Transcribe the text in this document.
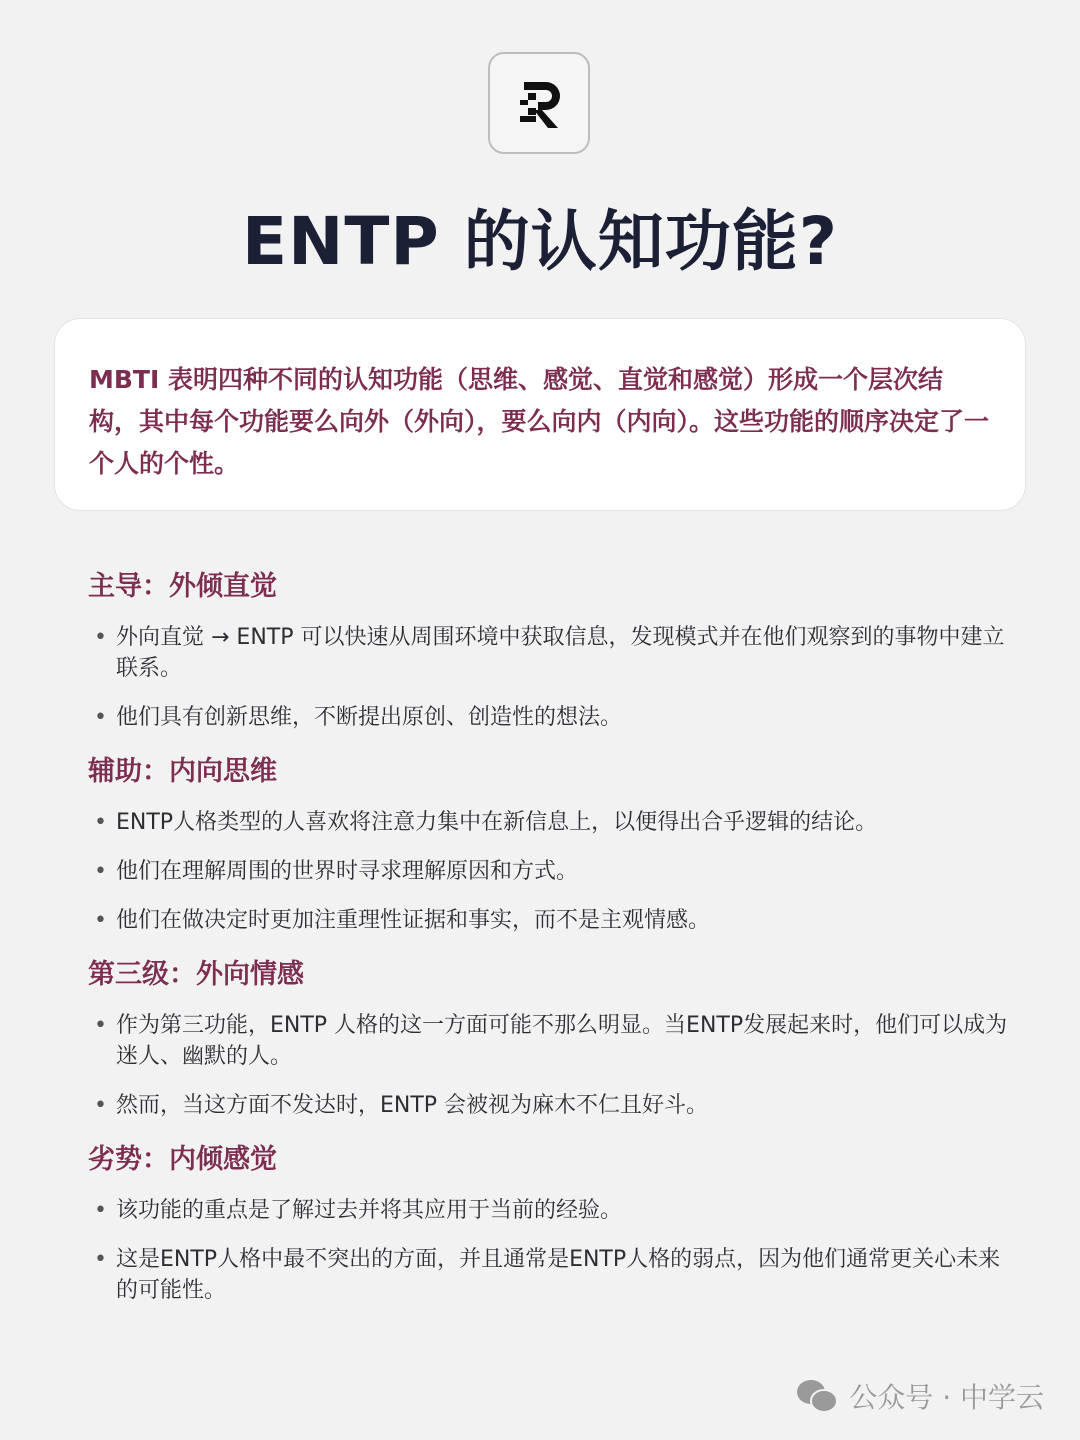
ENTP 的认知功能?

MBTI 表明四种不同的认知功能（思维、感觉、直觉和感觉）形成一个层次结构，其中每个功能要么向外（外向），要么向内（内向）。这些功能的顺序决定了一个人的个性。

主导：外倾直觉
• 外向直觉 → ENTP 可以快速从周围环境中获取信息，发现模式并在他们观察到的事物中建立联系。
• 他们具有创新思维，不断提出原创、创造性的想法。
辅助：内向思维
• ENTP人格类型的人喜欢将注意力集中在新信息上，以便得出合乎逻辑的结论。
• 他们在理解周围的世界时寻求理解原因和方式。
• 他们在做决定时更加注重理性证据和事实，而不是主观情感。
第三级：外向情感
• 作为第三功能，ENTP 人格的这一方面可能不那么明显。当ENTP发展起来时，他们可以成为迷人、幽默的人。
• 然而，当这方面不发达时，ENTP 会被视为麻木不仁且好斗。
劣势：内倾感觉
• 该功能的重点是了解过去并将其应用于当前的经验。
• 这是ENTP人格中最不突出的方面，并且通常是ENTP人格的弱点，因为他们通常更关心未来的可能性。
公众号 · 中学云
